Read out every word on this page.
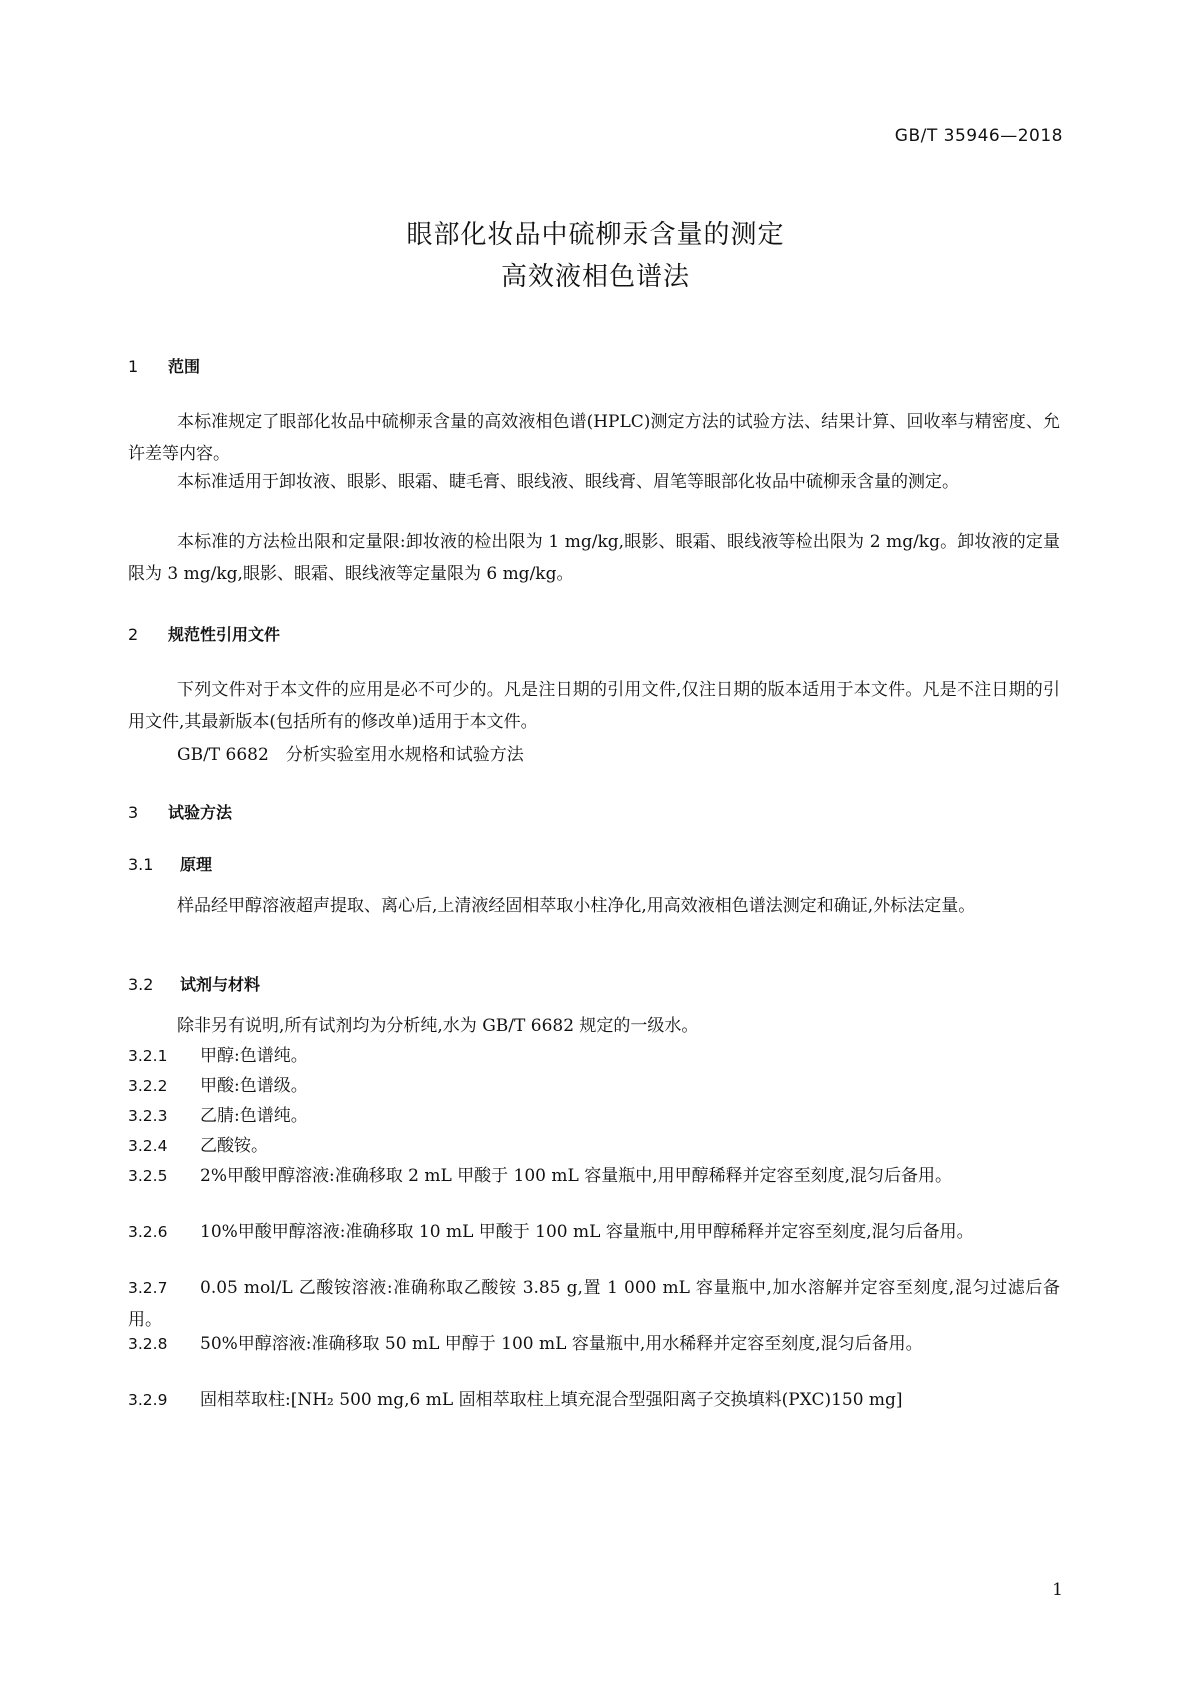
GB/T 35946—2018
眼部化妆品中硫柳汞含量的测定
高效液相色谱法
1 范围
本标准规定了眼部化妆品中硫柳汞含量的高效液相色谱(HPLC)测定方法的试验方法、结果计算、回收率与精密度、允许差等内容。
本标准适用于卸妆液、眼影、眼霜、睫毛膏、眼线液、眼线膏、眉笔等眼部化妆品中硫柳汞含量的测定。
本标准的方法检出限和定量限:卸妆液的检出限为 1 mg/kg,眼影、眼霜、眼线液等检出限为 2 mg/kg。卸妆液的定量限为 3 mg/kg,眼影、眼霜、眼线液等定量限为 6 mg/kg。
2 规范性引用文件
下列文件对于本文件的应用是必不可少的。凡是注日期的引用文件,仅注日期的版本适用于本文件。凡是不注日期的引用文件,其最新版本(包括所有的修改单)适用于本文件。
GB/T 6682　分析实验室用水规格和试验方法
3 试验方法
3.1 原理
样品经甲醇溶液超声提取、离心后,上清液经固相萃取小柱净化,用高效液相色谱法测定和确证,外标法定量。
3.2 试剂与材料
除非另有说明,所有试剂均为分析纯,水为 GB/T 6682 规定的一级水。
3.2.1 甲醇:色谱纯。
3.2.2 甲酸:色谱级。
3.2.3 乙腈:色谱纯。
3.2.4 乙酸铵。
3.2.5 2%甲酸甲醇溶液:准确移取 2 mL 甲酸于 100 mL 容量瓶中,用甲醇稀释并定容至刻度,混匀后备用。
3.2.6 10%甲酸甲醇溶液:准确移取 10 mL 甲酸于 100 mL 容量瓶中,用甲醇稀释并定容至刻度,混匀后备用。
3.2.7 0.05 mol/L 乙酸铵溶液:准确称取乙酸铵 3.85 g,置 1 000 mL 容量瓶中,加水溶解并定容至刻度,混匀过滤后备用。
3.2.8 50%甲醇溶液:准确移取 50 mL 甲醇于 100 mL 容量瓶中,用水稀释并定容至刻度,混匀后备用。
3.2.9 固相萃取柱:[NH₂ 500 mg,6 mL 固相萃取柱上填充混合型强阳离子交换填料(PXC)150 mg]
1
